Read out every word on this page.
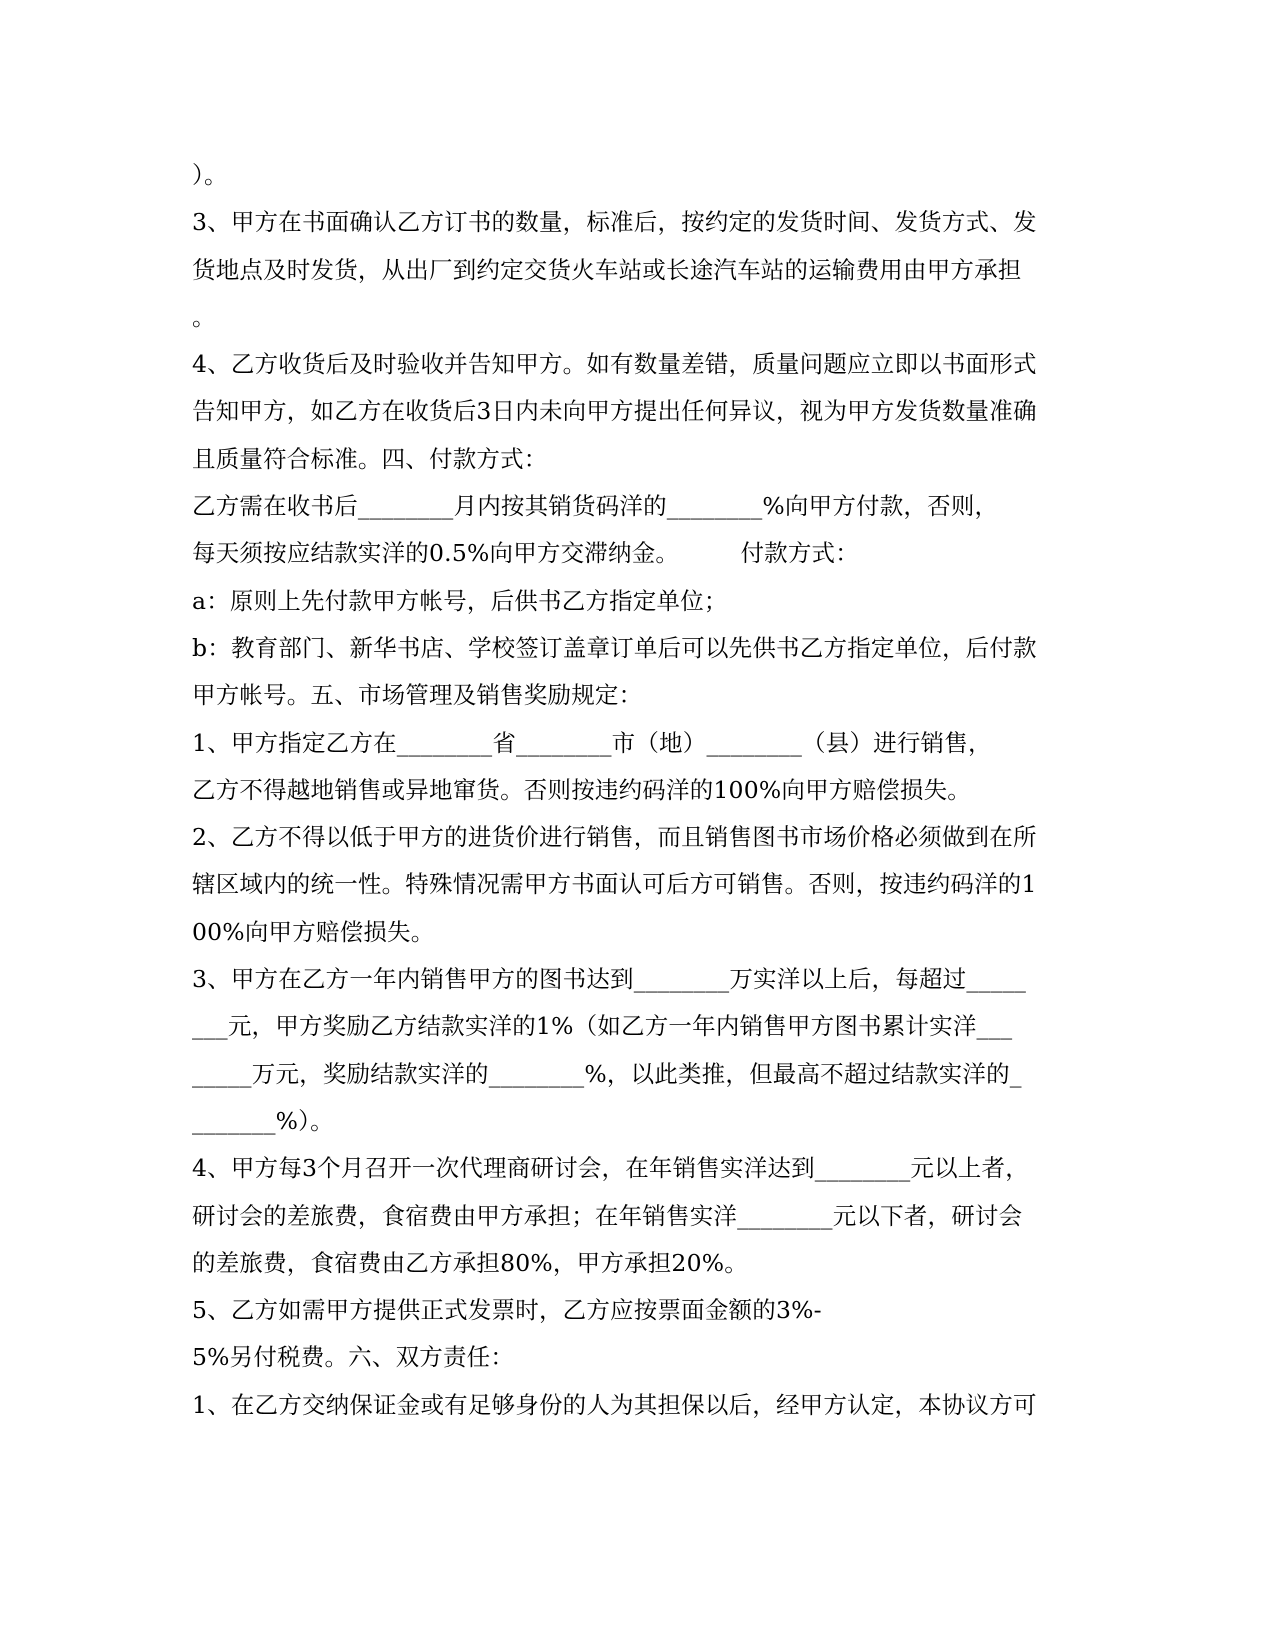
）。
3、甲方在书面确认乙方订书的数量，标准后，按约定的发货时间、发货方式、发
货地点及时发货，从出厂到约定交货火车站或长途汽车站的运输费用由甲方承担
。
4、乙方收货后及时验收并告知甲方。如有数量差错，质量问题应立即以书面形式
告知甲方，如乙方在收货后3日内未向甲方提出任何异议，视为甲方发货数量准确
且质量符合标准。四、付款方式：
乙方需在收书后________月内按其销货码洋的________%向甲方付款，否则，
每天须按应结款实洋的0.5%向甲方交滞纳金。        付款方式：
a：原则上先付款甲方帐号，后供书乙方指定单位；
b：教育部门、新华书店、学校签订盖章订单后可以先供书乙方指定单位，后付款
甲方帐号。五、市场管理及销售奖励规定：
1、甲方指定乙方在________省________市（地）________（县）进行销售，
乙方不得越地销售或异地窜货。否则按违约码洋的100%向甲方赔偿损失。
2、乙方不得以低于甲方的进货价进行销售，而且销售图书市场价格必须做到在所
辖区域内的统一性。特殊情况需甲方书面认可后方可销售。否则，按违约码洋的1
00%向甲方赔偿损失。
3、甲方在乙方一年内销售甲方的图书达到________万实洋以上后，每超过_____
___元，甲方奖励乙方结款实洋的1%（如乙方一年内销售甲方图书累计实洋___
_____万元，奖励结款实洋的________%，以此类推，但最高不超过结款实洋的_
_______%）。
4、甲方每3个月召开一次代理商研讨会，在年销售实洋达到________元以上者，
研讨会的差旅费，食宿费由甲方承担；在年销售实洋________元以下者，研讨会
的差旅费，食宿费由乙方承担80%，甲方承担20%。
5、乙方如需甲方提供正式发票时，乙方应按票面金额的3%-
5%另付税费。六、双方责任：
1、在乙方交纳保证金或有足够身份的人为其担保以后，经甲方认定，本协议方可
